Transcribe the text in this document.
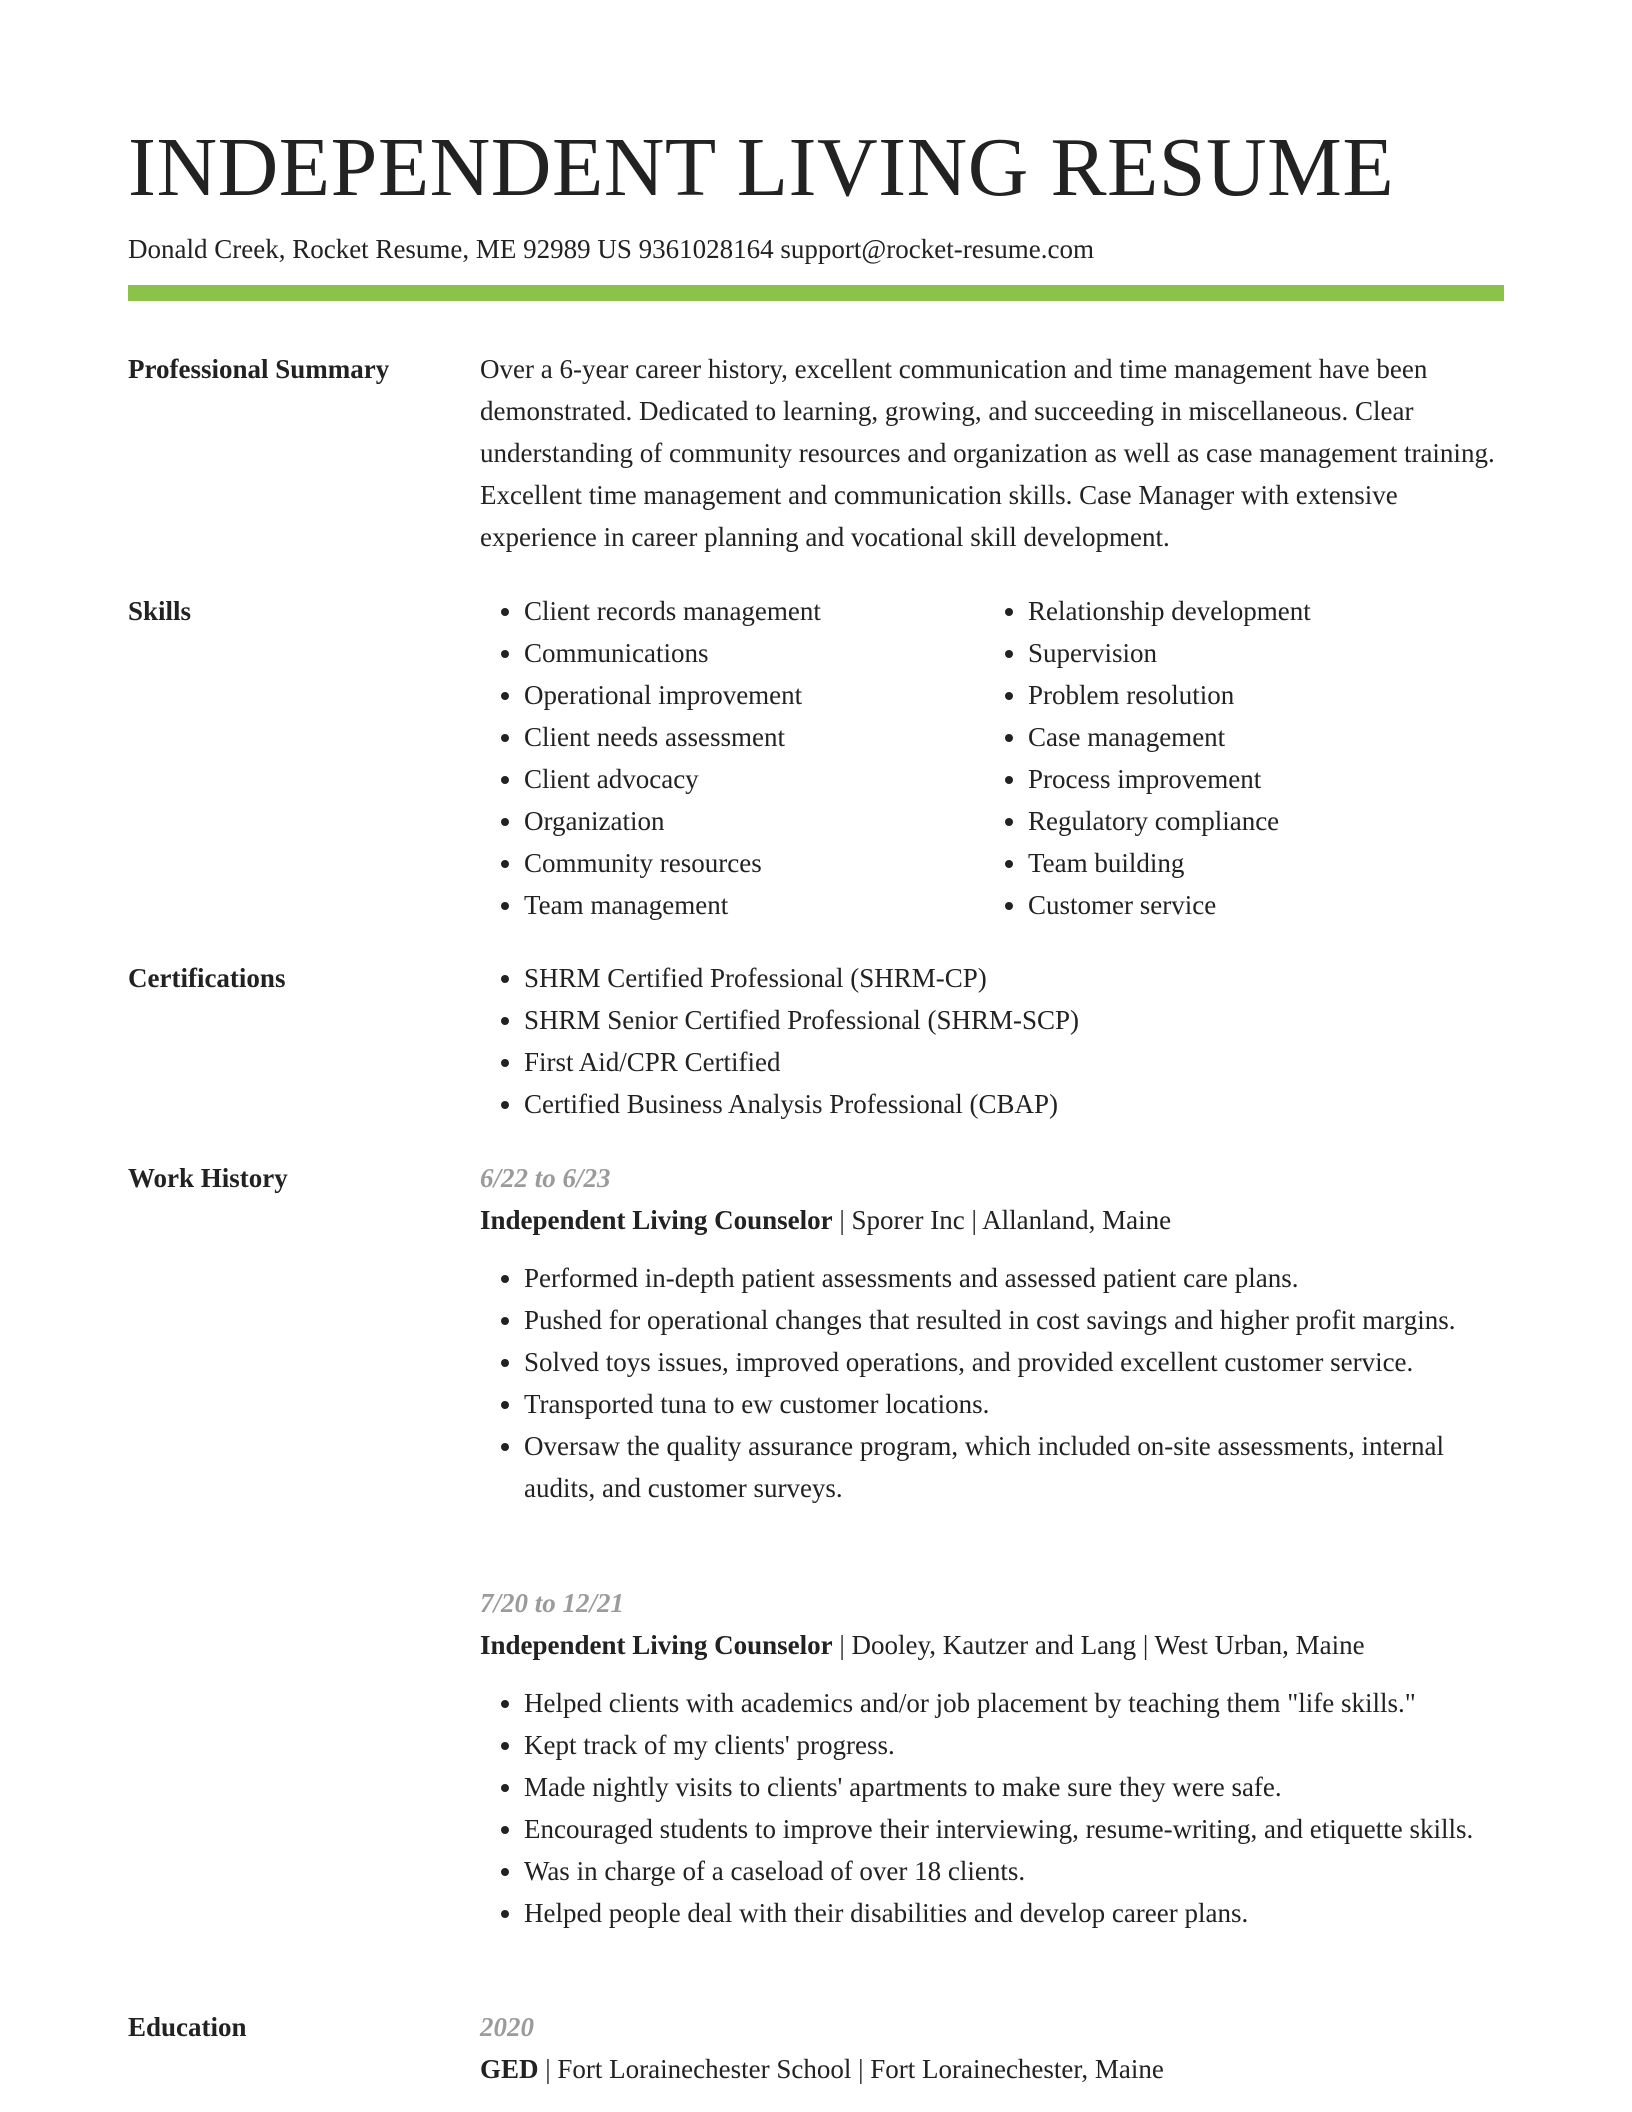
INDEPENDENT LIVING RESUME
Donald Creek, Rocket Resume, ME 92989 US 9361028164 support@rocket-resume.com
Professional Summary	Over a 6-year career history, excellent communication and time management have been demonstrated. Dedicated to learning, growing, and succeeding in miscellaneous. Clear understanding of community resources and organization as well as case management training. Excellent time management and communication skills. Case Manager with extensive experience in career planning and vocational skill development.

Skills	• Client records management
• Communications
• Operational improvement
• Client needs assessment
• Client advocacy
• Organization
• Community resources
• Team management
• Relationship development
• Supervision
• Problem resolution
• Case management
• Process improvement
• Regulatory compliance
• Team building
• Customer service
Certifications	• SHRM Certified Professional (SHRM-CP)
• SHRM Senior Certified Professional (SHRM-SCP)
• First Aid/CPR Certified
• Certified Business Analysis Professional (CBAP)
Work History	6/22 to 6/23
Independent Living Counselor | Sporer Inc | Allanland, Maine
• Performed in-depth patient assessments and assessed patient care plans.
• Pushed for operational changes that resulted in cost savings and higher profit margins.
• Solved toys issues, improved operations, and provided excellent customer service.
• Transported tuna to ew customer locations.
• Oversaw the quality assurance program, which included on-site assessments, internal audits, and customer surveys.
7/20 to 12/21
Independent Living Counselor | Dooley, Kautzer and Lang | West Urban, Maine
• Helped clients with academics and/or job placement by teaching them "life skills."
• Kept track of my clients' progress.
• Made nightly visits to clients' apartments to make sure they were safe.
• Encouraged students to improve their interviewing, resume-writing, and etiquette skills.
• Was in charge of a caseload of over 18 clients.
• Helped people deal with their disabilities and develop career plans.
Education	2020
GED | Fort Lorainechester School | Fort Lorainechester, Maine
